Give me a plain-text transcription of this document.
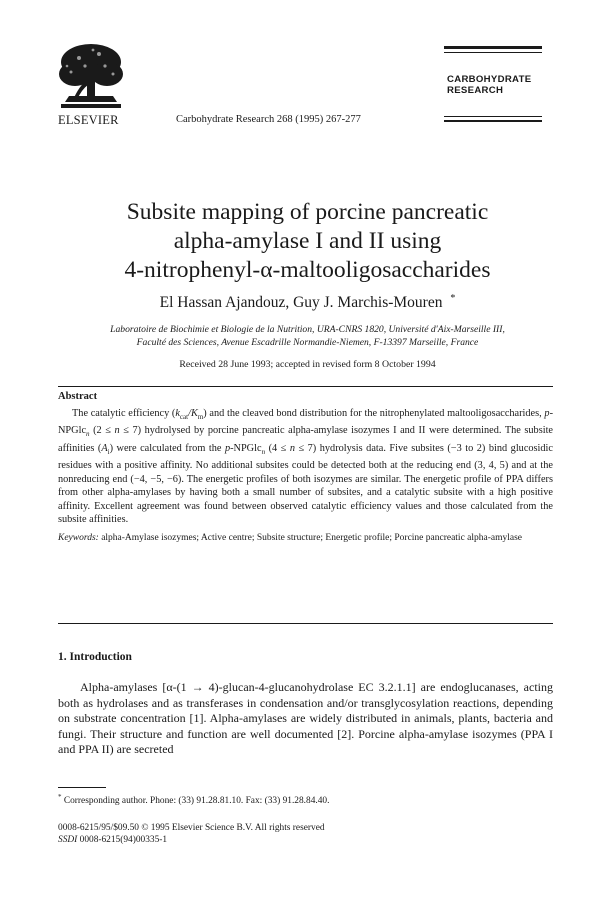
ELSEVIER	Carbohydrate Research 268 (1995) 267-277
CARBOHYDRATE
RESEARCH
Subsite mapping of porcine pancreatic
alpha-amylase I and II using
4-nitrophenyl-α-maltooligosaccharides
El Hassan Ajandouz, Guy J. Marchis-Mouren *
Laboratoire de Biochimie et Biologie de la Nutrition, URA-CNRS 1820, Université d'Aix-Marseille III,
Faculté des Sciences, Avenue Escadrille Normandie-Niemen, F-13397 Marseille, France
Received 28 June 1993; accepted in revised form 8 October 1994
Abstract
The catalytic efficiency $(k_{cat}/K_m)$ and the cleaved bond distribution for the nitrophenylated maltooligosaccharides, p-NPGlc$_n$ (2 ≤ n ≤ 7) hydrolysed by porcine pancreatic alpha-amylase isozymes I and II were determined. The subsite affinities $(A_i)$ were calculated from the p-NPGlc$_n$ (4 ≤ n ≤ 7) hydrolysis data. Five subsites (−3 to 2) bind glucosidic residues with a positive affinity. No additional subsites could be detected both at the reducing end (3, 4, 5) and at the nonreducing end (−4, −5, −6). The energetic profiles of both isozymes are similar. The energetic profile of PPA differs from other alpha-amylases by having both a small number of subsites, and a catalytic subsite with a high positive affinity. Excellent agreement was found between observed catalytic efficiency values and those calculated from the subsite affinities.
Keywords: alpha-Amylase isozymes; Active centre; Subsite structure; Energetic profile; Porcine pancreatic alpha-amylase
1. Introduction
Alpha-amylases [α-(1 → 4)-glucan-4-glucanohydrolase EC 3.2.1.1] are endoglucanases, acting both as hydrolases and as transferases in condensation and/or transglycosylation reactions, depending on substrate concentration [1]. Alpha-amylases are widely distributed in animals, plants, bacteria and fungi. Their structure and function are well documented [2]. Porcine alpha-amylase isozymes (PPA I and PPA II) are secreted
* Corresponding author. Phone: (33) 91.28.81.10. Fax: (33) 91.28.84.40.
0008-6215/95/$09.50 © 1995 Elsevier Science B.V. All rights reserved
SSDI 0008-6215(94)00335-1
